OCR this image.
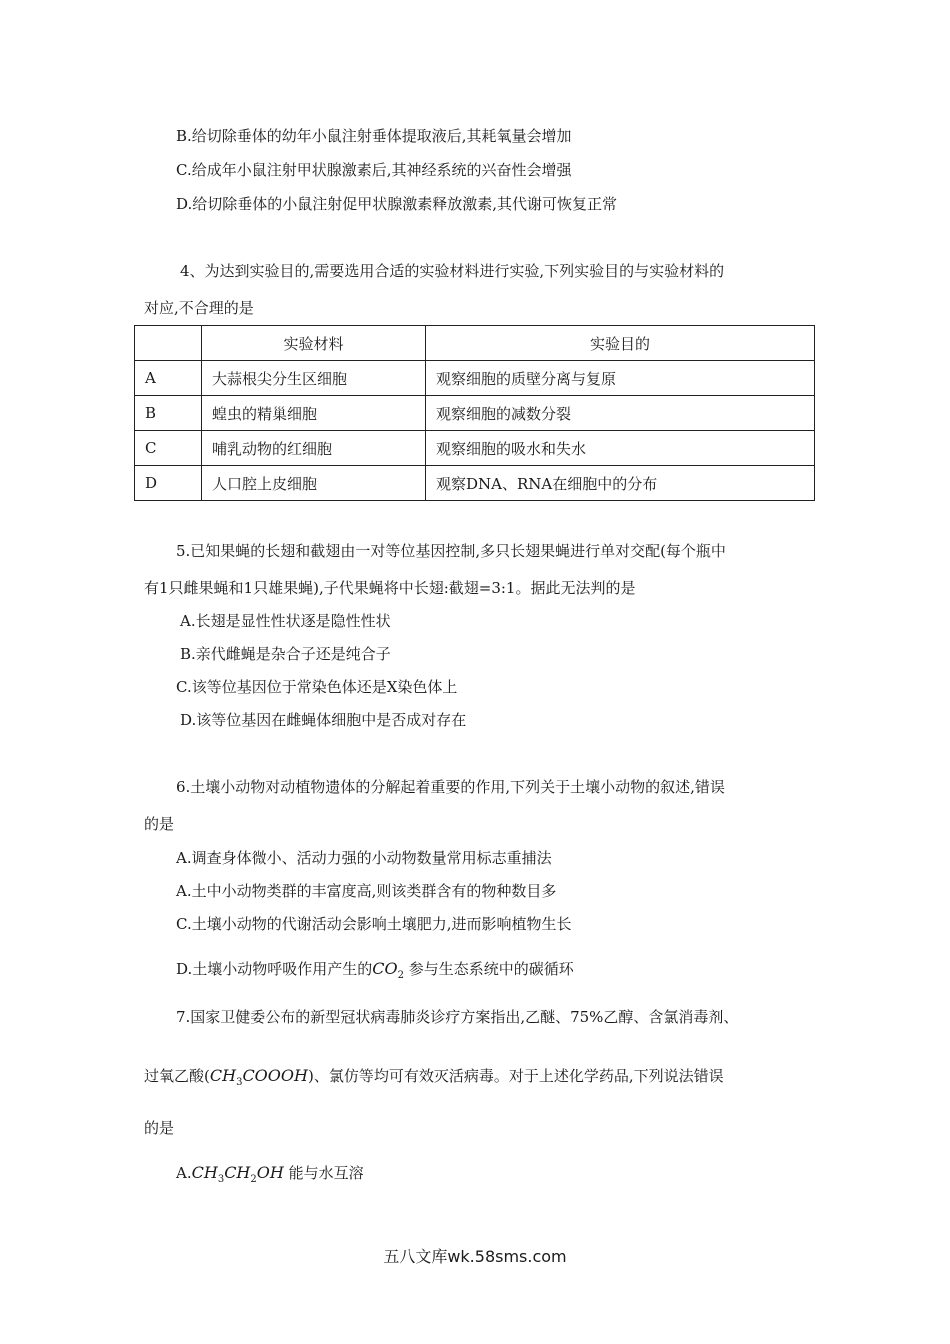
B.给切除垂体的幼年小鼠注射垂体提取液后,其耗氧量会增加
C.给成年小鼠注射甲状腺激素后,其神经系统的兴奋性会增强
D.给切除垂体的小鼠注射促甲状腺激素释放激素,其代谢可恢复正常
4、为达到实验目的,需要选用合适的实验材料进行实验,下列实验目的与实验材料的
对应,不合理的是
	实验材料	实验目的
A	大蒜根尖分生区细胞	观察细胞的质壁分离与复原
B	蝗虫的精巢细胞	观察细胞的减数分裂
C	哺乳动物的红细胞	观察细胞的吸水和失水
D	人口腔上皮细胞	观察DNA、RNA在细胞中的分布
5.已知果蝇的长翅和截翅由一对等位基因控制,多只长翅果蝇进行单对交配(每个瓶中
有1只雌果蝇和1只雄果蝇),子代果蝇将中长翅:截翅=3:1。据此无法判的是
A.长翅是显性性状逐是隐性性状
B.亲代雌蝇是杂合子还是纯合子
C.该等位基因位于常染色体还是X染色体上
D.该等位基因在雌蝇体细胞中是否成对存在
6.土壤小动物对动植物遗体的分解起着重要的作用,下列关于土壤小动物的叙述,错误
的是
A.调查身体微小、活动力强的小动物数量常用标志重捕法
A.土中小动物类群的丰富度高,则该类群含有的物种数目多
C.土壤小动物的代谢活动会影响土壤肥力,进而影响植物生长
D.土壤小动物呼吸作用产生的$CO_2$ 参与生态系统中的碳循环
7.国家卫健委公布的新型冠状病毒肺炎诊疗方案指出,乙醚、75%乙醇、含氯消毒剂、
过氧乙酸$(CH_3COOOH)$、氯仿等均可有效灭活病毒。对于上述化学药品,下列说法错误
的是
$A.CH_3CH_2OH$ 能与水互溶
五八文库wk.58sms.com
